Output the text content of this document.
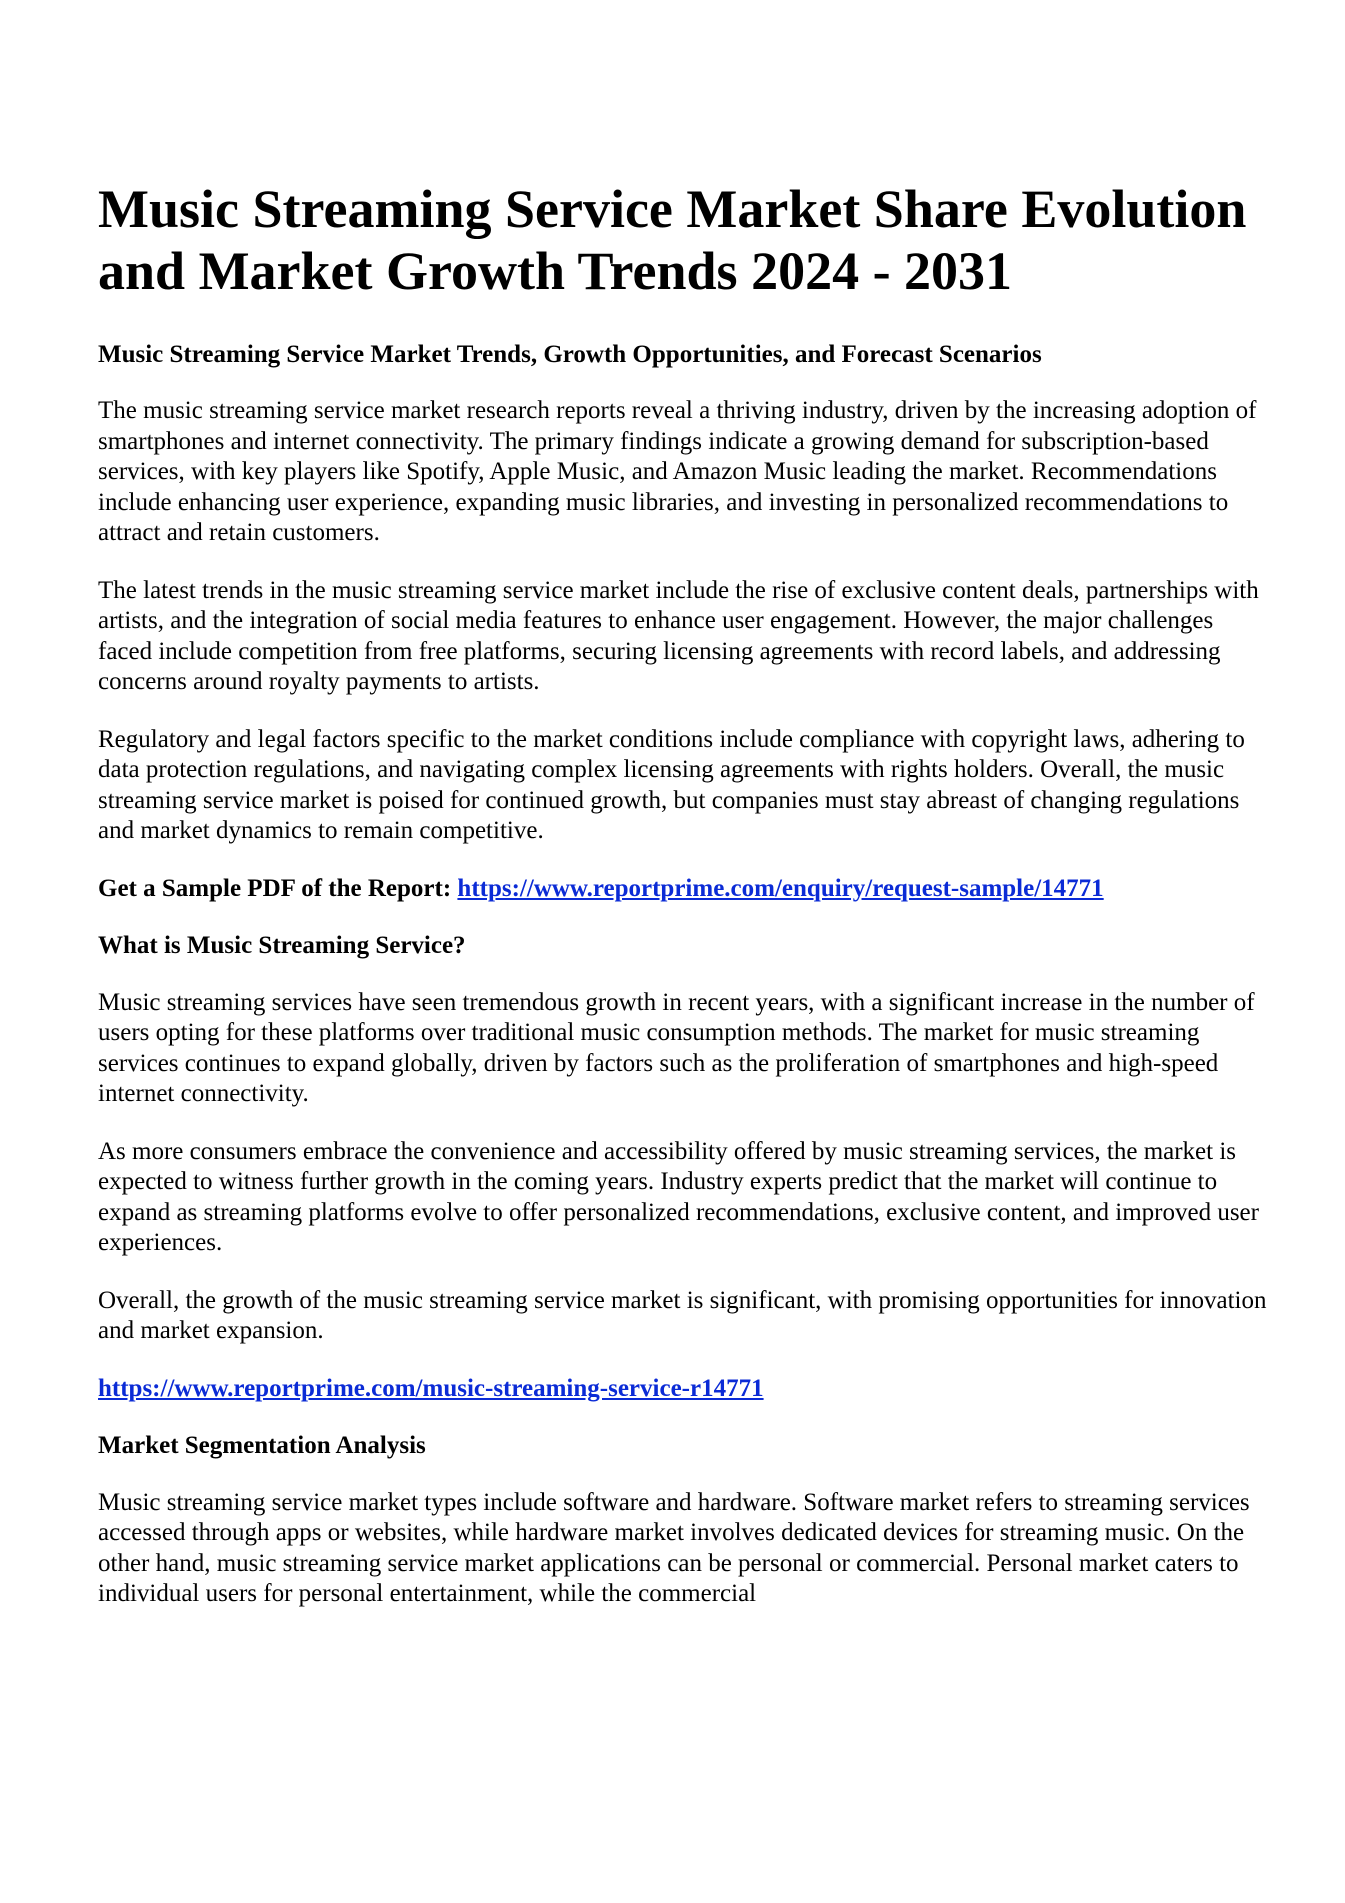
Music Streaming Service Market Share Evolution and Market Growth Trends 2024 - 2031
Music Streaming Service Market Trends, Growth Opportunities, and Forecast Scenarios

The music streaming service market research reports reveal a thriving industry, driven by the increasing adoption of smartphones and internet connectivity. The primary findings indicate a growing demand for subscription-based services, with key players like Spotify, Apple Music, and Amazon Music leading the market. Recommendations include enhancing user experience, expanding music libraries, and investing in personalized recommendations to attract and retain customers.

The latest trends in the music streaming service market include the rise of exclusive content deals, partnerships with artists, and the integration of social media features to enhance user engagement. However, the major challenges faced include competition from free platforms, securing licensing agreements with record labels, and addressing concerns around royalty payments to artists.

Regulatory and legal factors specific to the market conditions include compliance with copyright laws, adhering to data protection regulations, and navigating complex licensing agreements with rights holders. Overall, the music streaming service market is poised for continued growth, but companies must stay abreast of changing regulations and market dynamics to remain competitive.

Get a Sample PDF of the Report: https://www.reportprime.com/enquiry/request-sample/14771

What is Music Streaming Service?

Music streaming services have seen tremendous growth in recent years, with a significant increase in the number of users opting for these platforms over traditional music consumption methods. The market for music streaming services continues to expand globally, driven by factors such as the proliferation of smartphones and high-speed internet connectivity.

As more consumers embrace the convenience and accessibility offered by music streaming services, the market is expected to witness further growth in the coming years. Industry experts predict that the market will continue to expand as streaming platforms evolve to offer personalized recommendations, exclusive content, and improved user experiences.

Overall, the growth of the music streaming service market is significant, with promising opportunities for innovation and market expansion.

https://www.reportprime.com/music-streaming-service-r14771

Market Segmentation Analysis

Music streaming service market types include software and hardware. Software market refers to streaming services accessed through apps or websites, while hardware market involves dedicated devices for streaming music. On the other hand, music streaming service market applications can be personal or commercial. Personal market caters to individual users for personal entertainment, while the commercial
